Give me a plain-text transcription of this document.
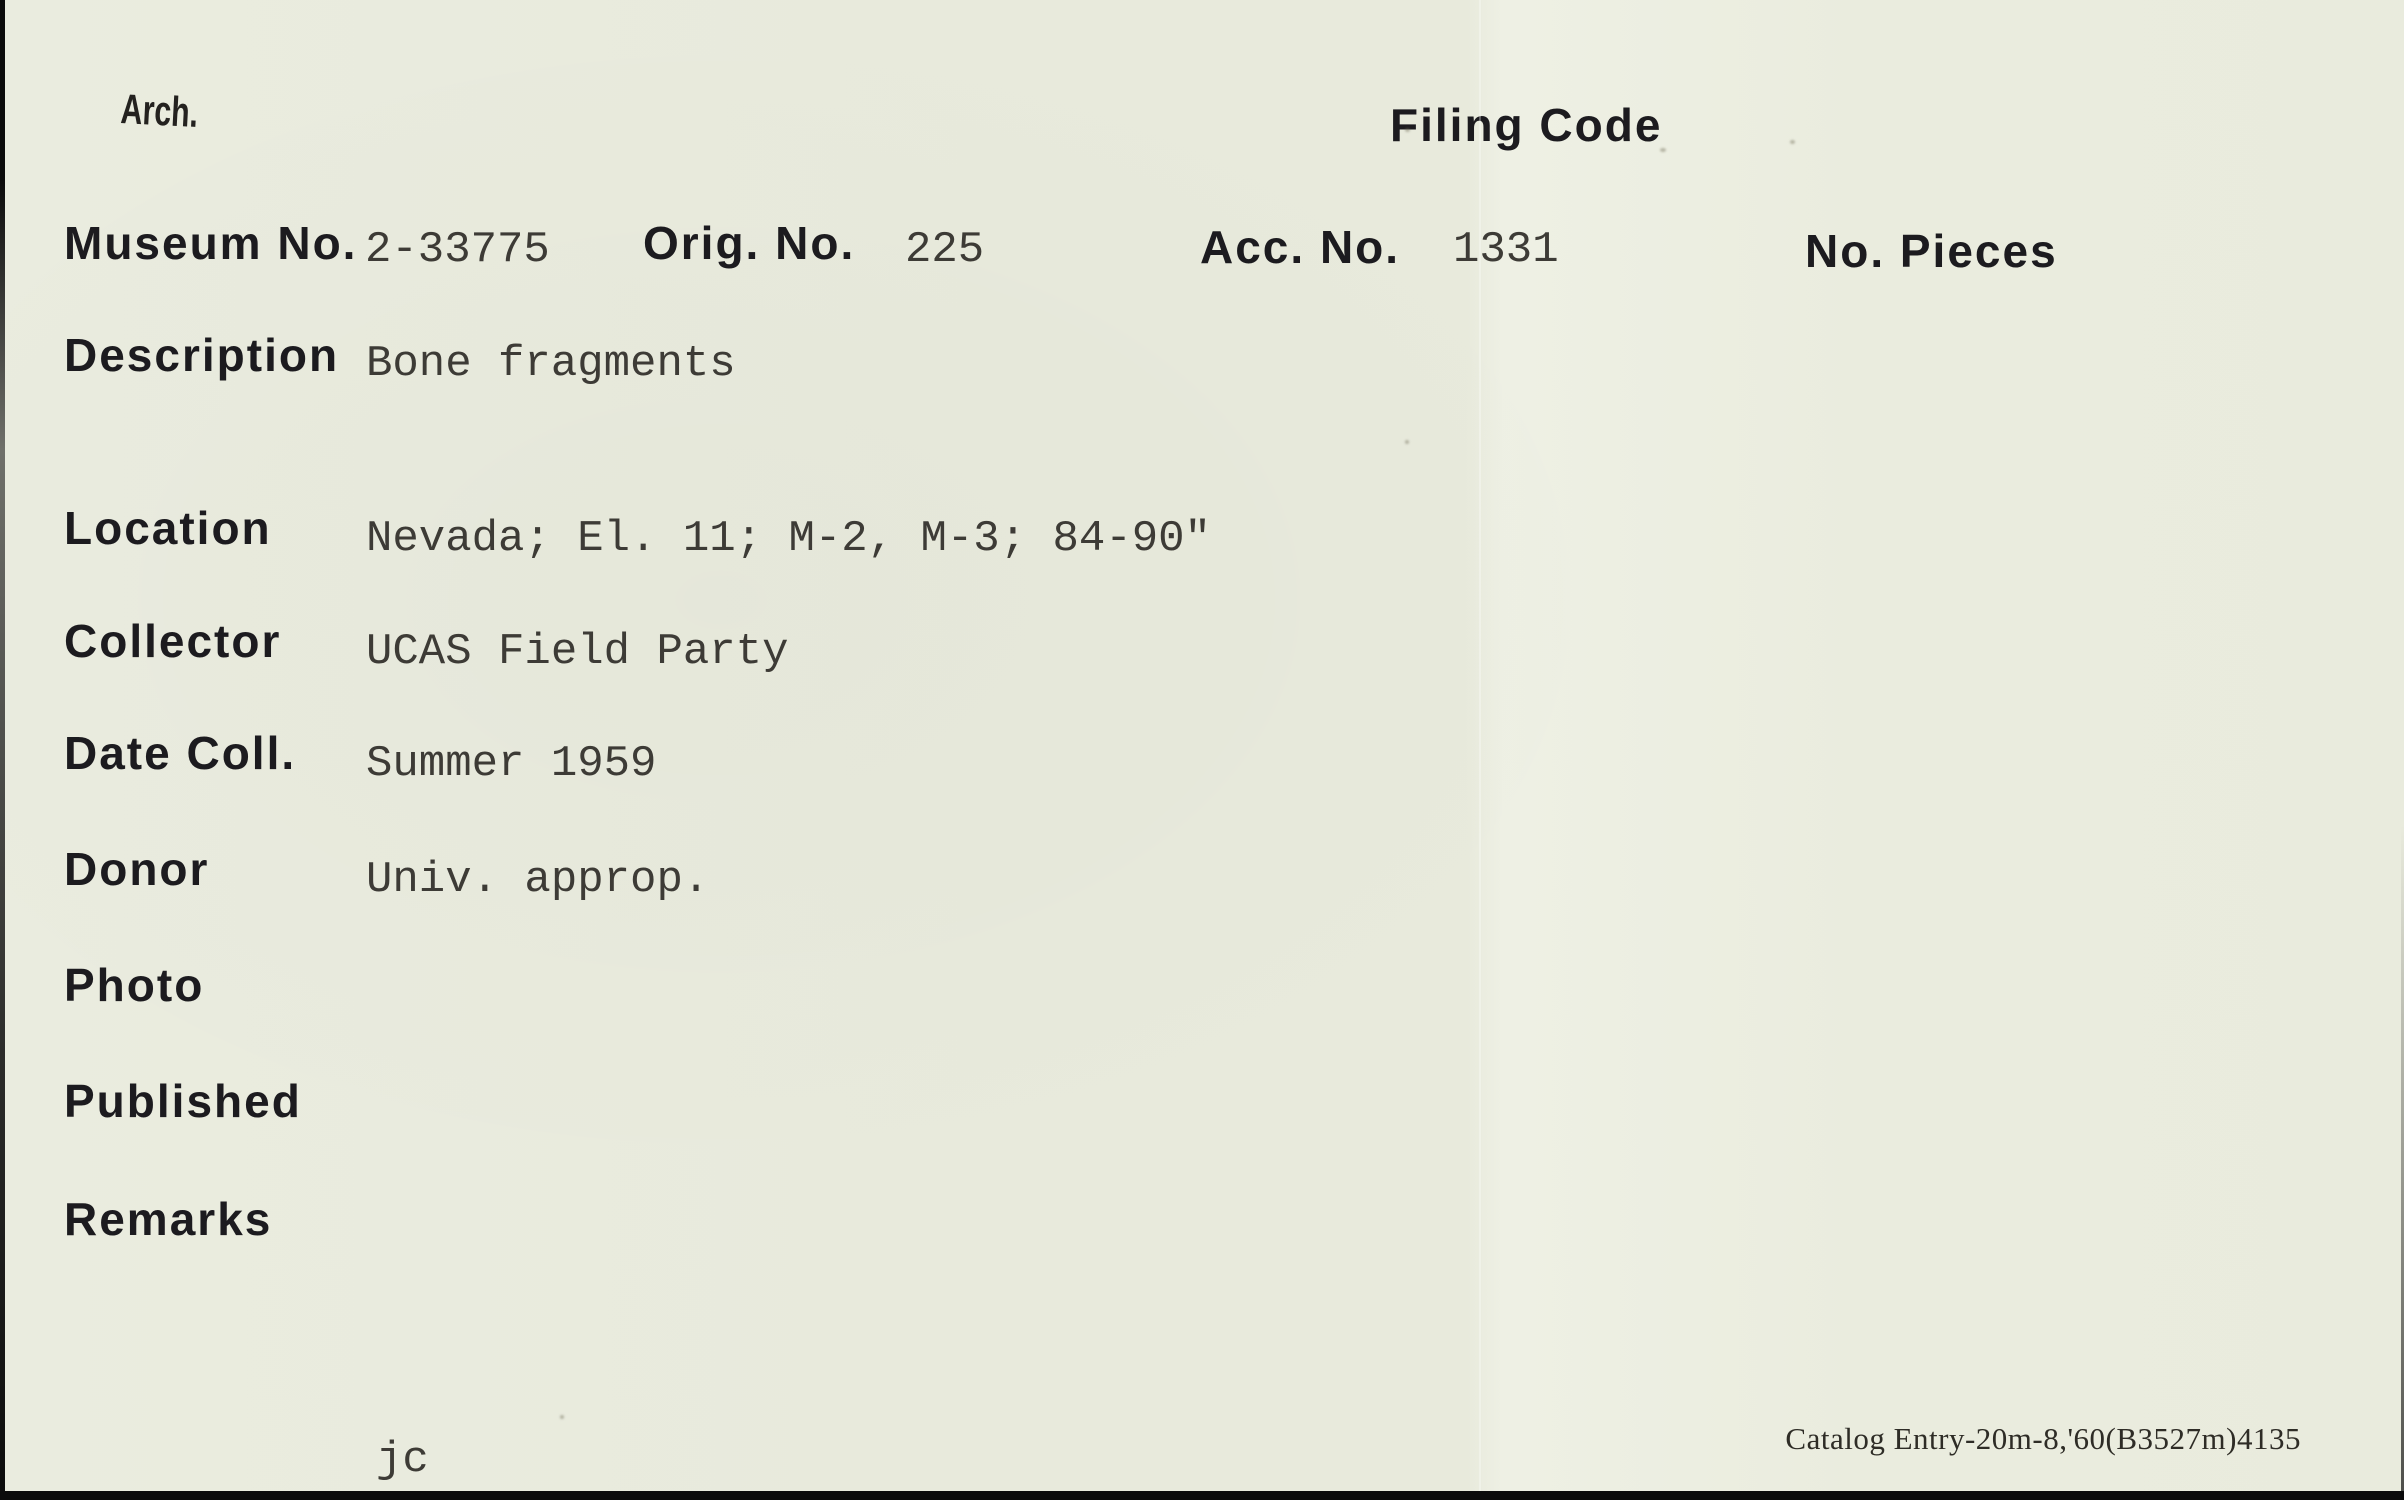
Arch.	Filing Code
Museum No. 2-33775 Orig. No. 225	Acc. No. 1331	No. Pieces
Description Bone fragments
Location Nevada; El. 11; M-2, M-3; 84-90"
Collector UCAS Field Party
Date Coll. Summer 1959
Donor	Univ. approp.
Photo
Published
Remarks
jc	Catalog Entry-20m-8,'60(B3527m)4135
